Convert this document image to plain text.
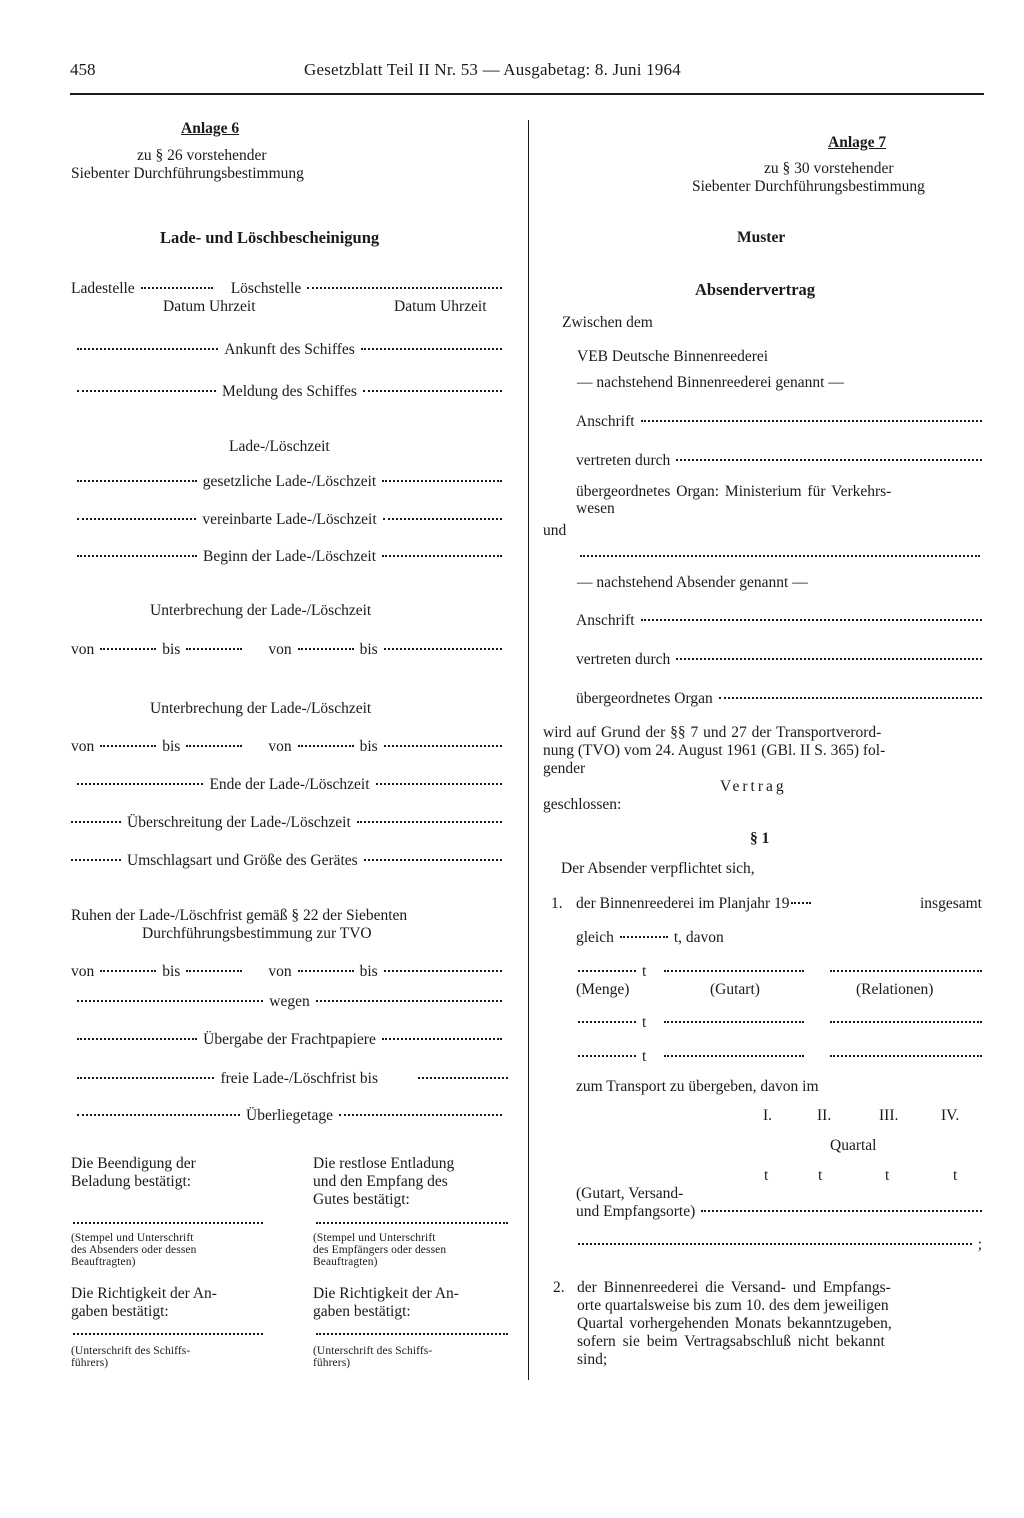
458	Gesetzblatt Teil II Nr. 53 — Ausgabetag: 8. Juni 1964
Anlage 6
zu § 26 vorstehender
Siebenter Durchführungsbestimmung
Lade- und Löschbescheinigung
Ladestelle	Löschstelle
Datum Uhrzeit	Datum Uhrzeit
Ankunft des Schiffes
Meldung des Schiffes
Lade-/Löschzeit
gesetzliche Lade-/Löschzeit
vereinbarte Lade-/Löschzeit
Beginn der Lade-/Löschzeit
Unterbrechung der Lade-/Löschzeit
von	bis	von	bis
Unterbrechung der Lade-/Löschzeit
von	bis	von	bis
Ende der Lade-/Löschzeit
Überschreitung der Lade-/Löschzeit
Umschlagsart und Größe des Gerätes
Ruhen der Lade-/Löschfrist gemäß § 22 der Siebenten
Durchführungsbestimmung zur TVO
von	bis	von	bis
wegen
Übergabe der Frachtpapiere
freie Lade-/Löschfrist bis
Überliegetage
Die Beendigung der
Beladung bestätigt:
Die restlose Entladung
und den Empfang des
Gutes bestätigt:
(Stempel und Unterschrift
des Absenders oder dessen
Beauftragten)
(Stempel und Unterschrift
des Empfängers oder dessen
Beauftragten)
Die Richtigkeit der An-
gaben bestätigt:
Die Richtigkeit der An-
gaben bestätigt:
(Unterschrift des Schiffs-
führers)
(Unterschrift des Schiffs-
führers)
Anlage 7
zu § 30 vorstehender
Siebenter Durchführungsbestimmung
Muster
Absendervertrag
Zwischen dem
VEB Deutsche Binnenreederei
— nachstehend Binnenreederei genannt —
Anschrift
vertreten durch
übergeordnetes Organ: Ministerium für Verkehrs-
wesen
und
— nachstehend Absender genannt —
Anschrift
vertreten durch
übergeordnetes Organ
wird auf Grund der §§ 7 und 27 der Transportverord-
nung (TVO) vom 24. August 1961 (GBl. II S. 365) fol-
gender
Vertrag
geschlossen:
§ 1
Der Absender verpflichtet sich,
1. der Binnenreederei im Planjahr 19	insgesamt
gleich	t, davon
t
(Menge)	(Gutart)	(Relationen)
t
t
zum Transport zu übergeben, davon im
I.	II.	III.	IV.
Quartal
t	t	t	t
(Gutart, Versand-
und Empfangsorte)
;
2. der Binnenreederei die Versand- und Empfangs-
orte quartalsweise bis zum 10. des dem jeweiligen
Quartal vorhergehenden Monats bekanntzugeben,
sofern sie beim Vertragsabschluß nicht bekannt
sind;
